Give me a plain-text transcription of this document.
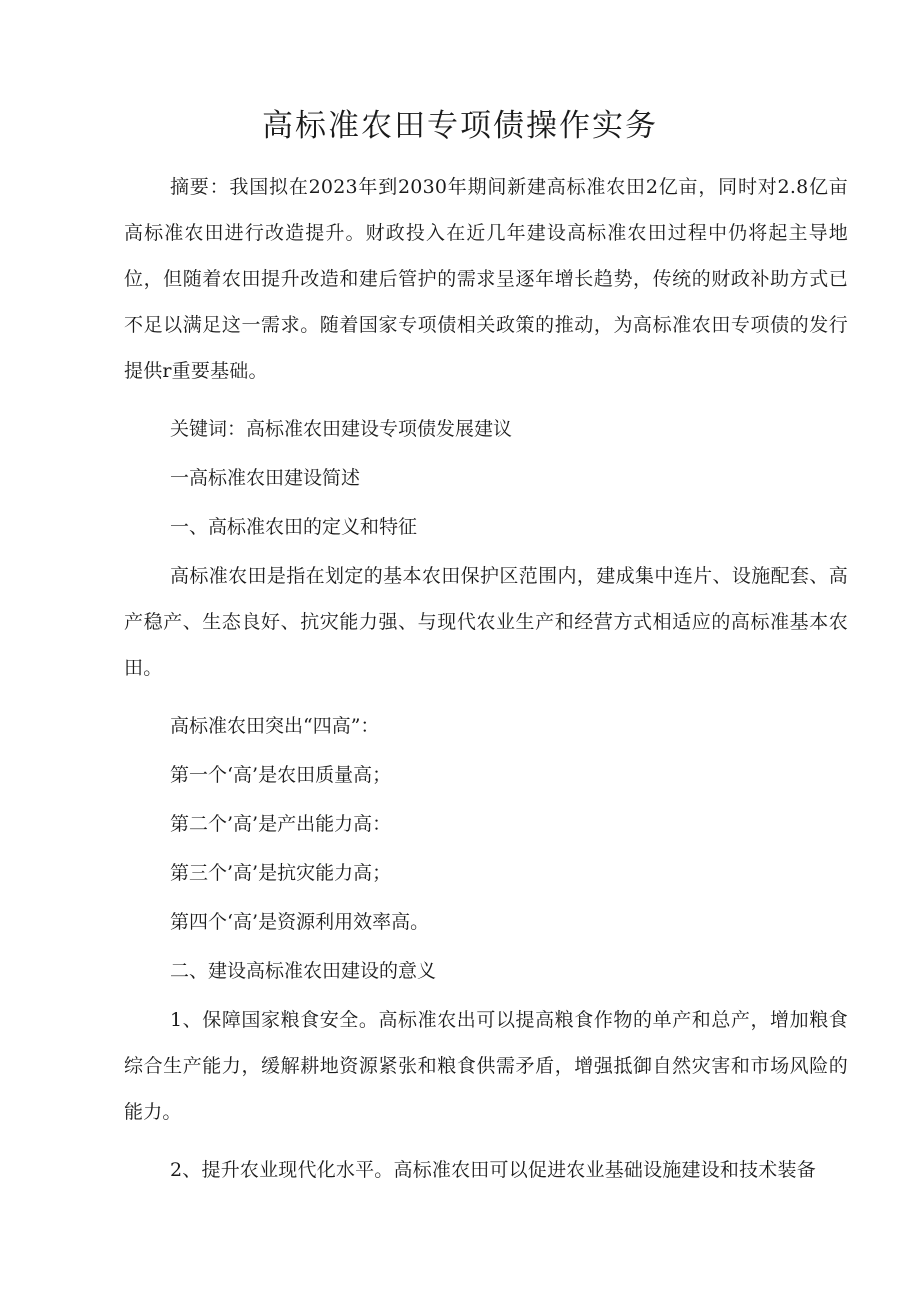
高标准农田专项债操作实务

摘要：我国拟在2023年到2030年期间新建高标准农田2亿亩，同时对2.8亿亩高标准农田进行改造提升。财政投入在近几年建设高标准农田过程中仍将起主导地位，但随着农田提升改造和建后管护的需求呈逐年增长趋势，传统的财政补助方式已不足以满足这一需求。随着国家专项债相关政策的推动，为高标准农田专项债的发行提供r重要基础。

关键词：高标准农田建设专项债发展建议

一高标准农田建设简述

一、高标准农田的定义和特征

高标准农田是指在划定的基本农田保护区范围内，建成集中连片、设施配套、高产稳产、生态良好、抗灾能力强、与现代农业生产和经营方式相适应的高标准基本农田。

高标准农田突出“四高”：

第一个‘高’是农田质量高；

第二个’高’是产出能力高：

第三个’高’是抗灾能力高；

第四个‘高’是资源利用效率高。

二、建设高标准农田建设的意义

1、保障国家粮食安全。高标准农出可以提高粮食作物的单产和总产，增加粮食综合生产能力，缓解耕地资源紧张和粮食供需矛盾，增强抵御自然灾害和市场风险的能力。

2、提升农业现代化水平。高标准农田可以促进农业基础设施建设和技术装备
